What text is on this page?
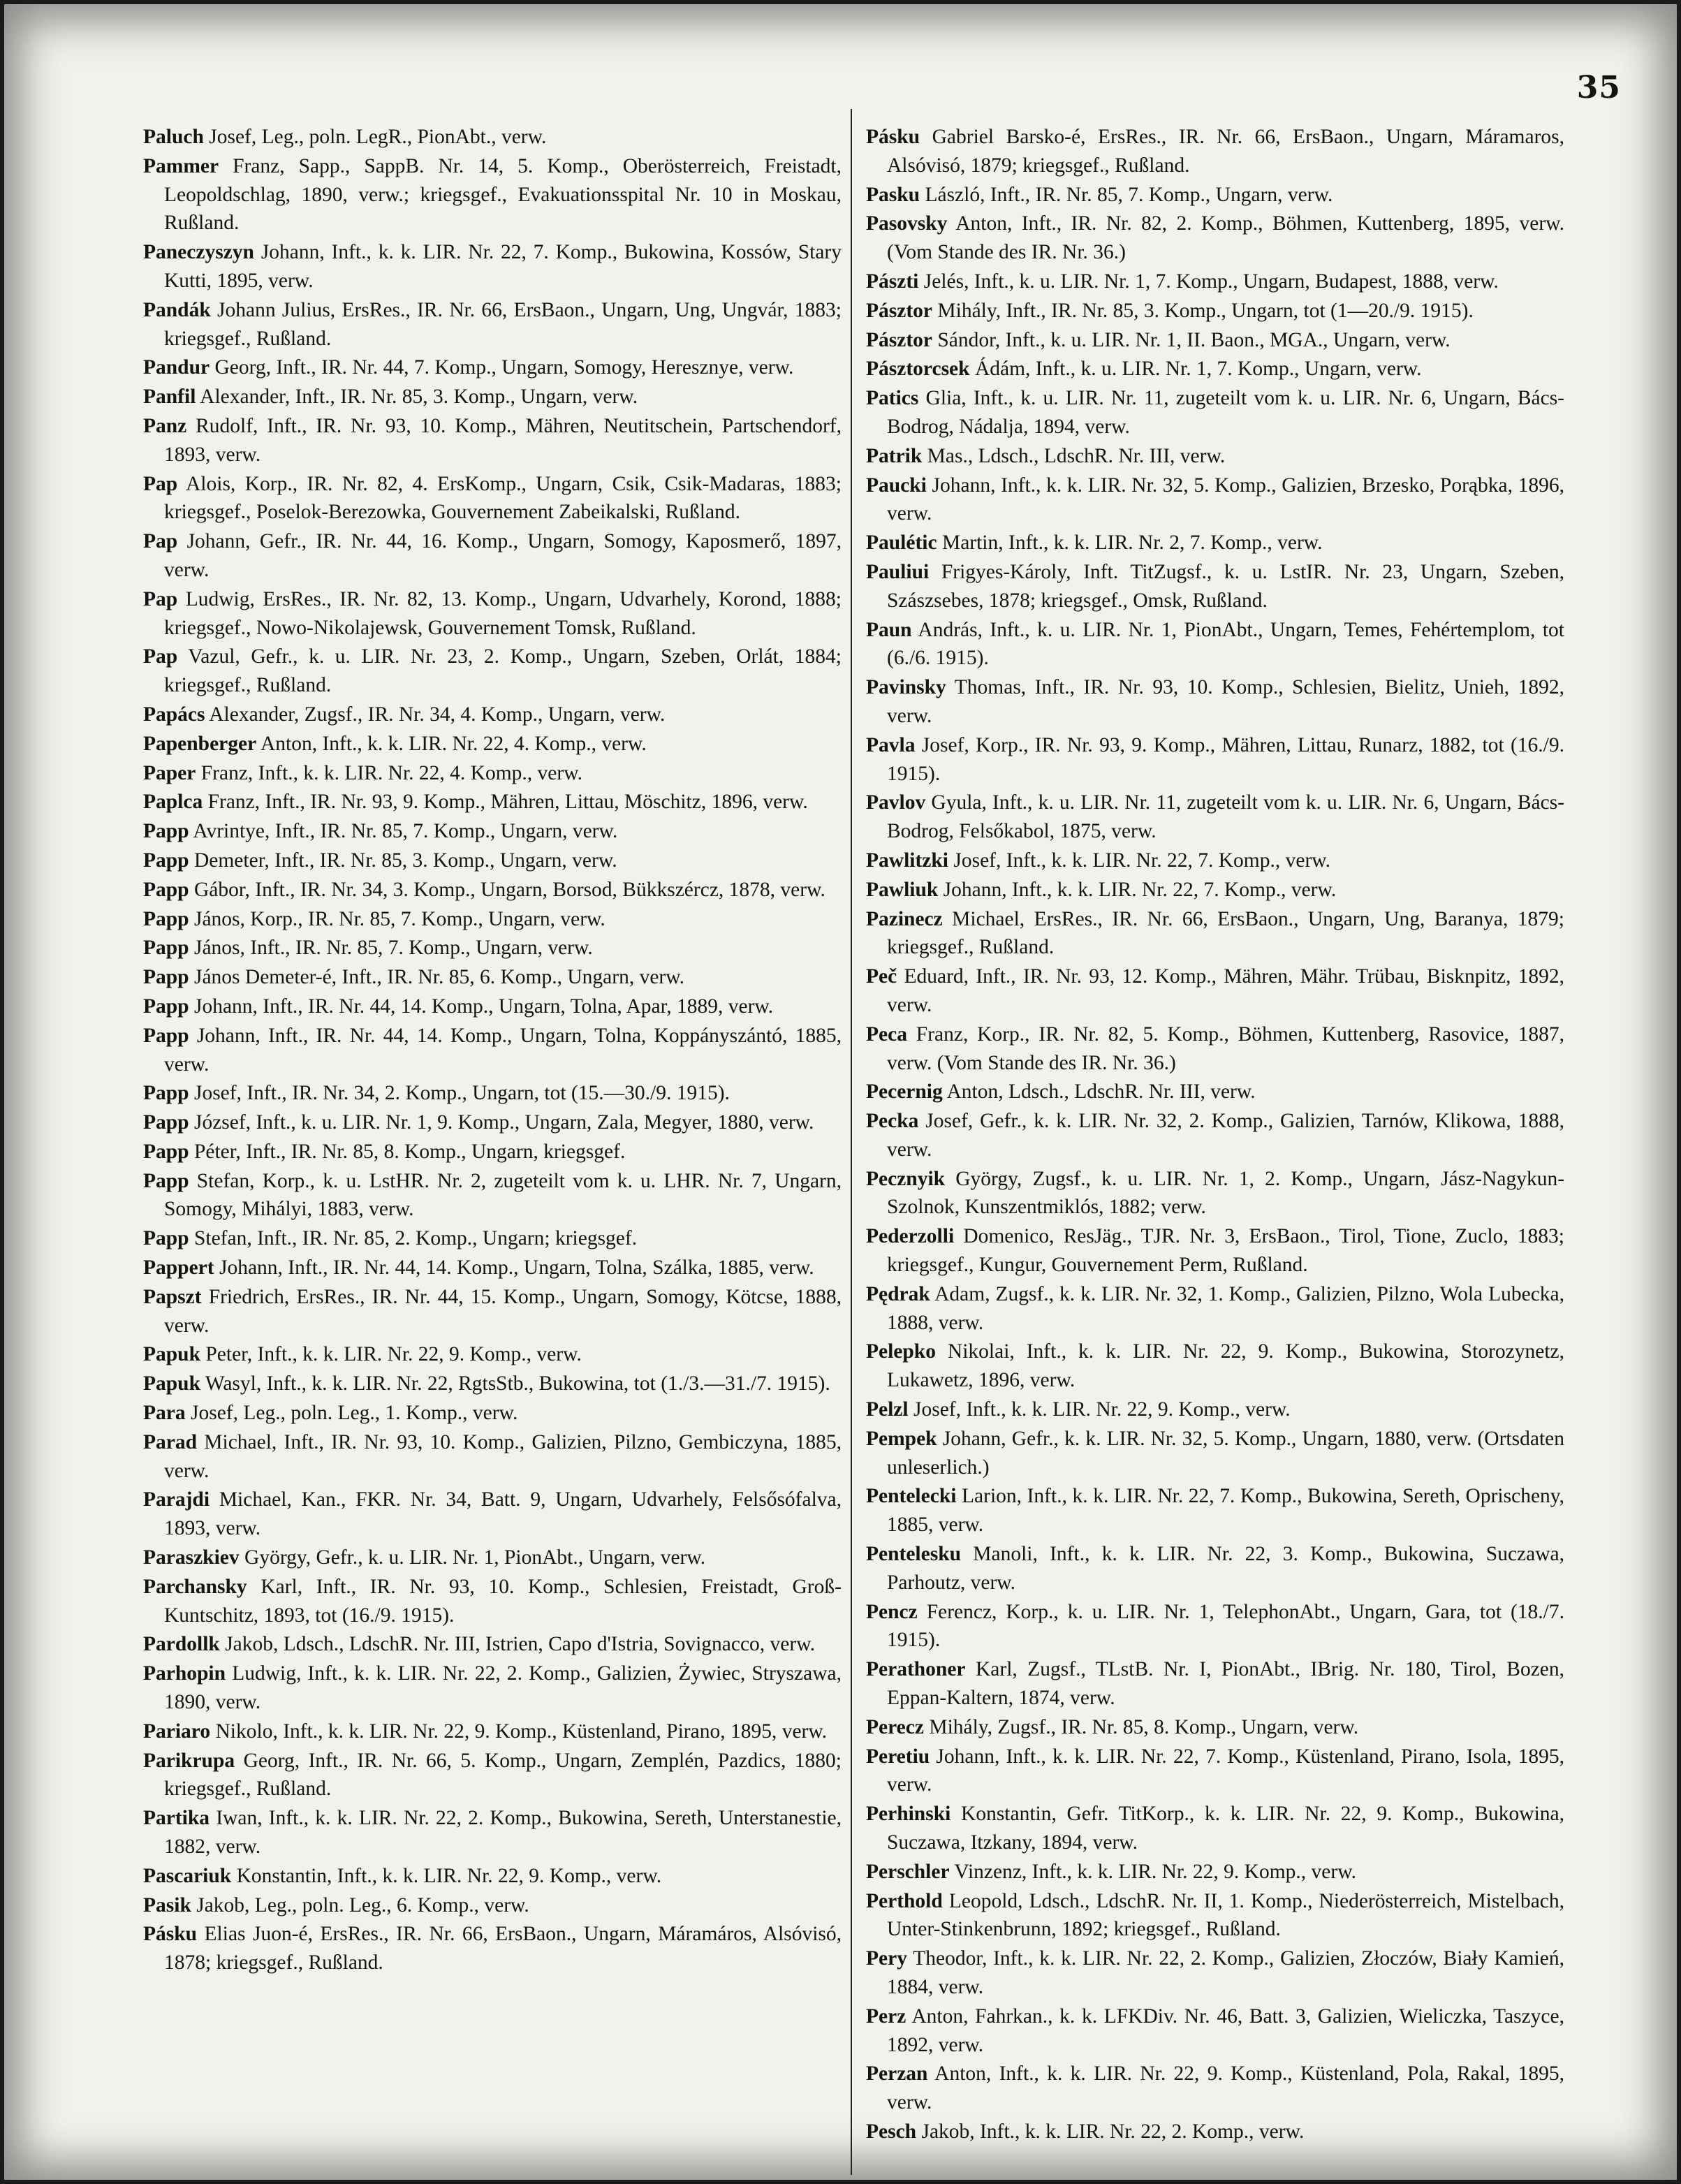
35
Paluch Josef, Leg., poln. LegR., PionAbt., verw.
Pammer Franz, Sapp., SappB. Nr. 14, 5. Komp., Oberösterreich, Freistadt, Leopoldschlag, 1890, verw.; kriegsgef., Evakuationsspital Nr. 10 in Moskau, Rußland.
Paneczyszyn Johann, Inft., k. k. LIR. Nr. 22, 7. Komp., Bukowina, Kossów, Stary Kutti, 1895, verw.
Pandák Johann Julius, ErsRes., IR. Nr. 66, ErsBaon., Ungarn, Ung, Ungvár, 1883; kriegsgef., Rußland.
Pandur Georg, Inft., IR. Nr. 44, 7. Komp., Ungarn, Somogy, Heresznye, verw.
Panfil Alexander, Inft., IR. Nr. 85, 3. Komp., Ungarn, verw.
Panz Rudolf, Inft., IR. Nr. 93, 10. Komp., Mähren, Neutitschein, Partschendorf, 1893, verw.
Pap Alois, Korp., IR. Nr. 82, 4. ErsKomp., Ungarn, Csik, Csik-Madaras, 1883; kriegsgef., Poselok-Berezowka, Gouvernement Zabeikalski, Rußland.
Pap Johann, Gefr., IR. Nr. 44, 16. Komp., Ungarn, Somogy, Kaposmerő, 1897, verw.
Pap Ludwig, ErsRes., IR. Nr. 82, 13. Komp., Ungarn, Udvarhely, Korond, 1888; kriegsgef., Nowo-Nikolajewsk, Gouvernement Tomsk, Rußland.
Pap Vazul, Gefr., k. u. LIR. Nr. 23, 2. Komp., Ungarn, Szeben, Orlát, 1884; kriegsgef., Rußland.
Papács Alexander, Zugsf., IR. Nr. 34, 4. Komp., Ungarn, verw.
Papenberger Anton, Inft., k. k. LIR. Nr. 22, 4. Komp., verw.
Paper Franz, Inft., k. k. LIR. Nr. 22, 4. Komp., verw.
Paplca Franz, Inft., IR. Nr. 93, 9. Komp., Mähren, Littau, Möschitz, 1896, verw.
Papp Avrintye, Inft., IR. Nr. 85, 7. Komp., Ungarn, verw.
Papp Demeter, Inft., IR. Nr. 85, 3. Komp., Ungarn, verw.
Papp Gábor, Inft., IR. Nr. 34, 3. Komp., Ungarn, Borsod, Bükkszércz, 1878, verw.
Papp János, Korp., IR. Nr. 85, 7. Komp., Ungarn, verw.
Papp János, Inft., IR. Nr. 85, 7. Komp., Ungarn, verw.
Papp János Demeter-é, Inft., IR. Nr. 85, 6. Komp., Ungarn, verw.
Papp Johann, Inft., IR. Nr. 44, 14. Komp., Ungarn, Tolna, Apar, 1889, verw.
Papp Johann, Inft., IR. Nr. 44, 14. Komp., Ungarn, Tolna, Koppányszántó, 1885, verw.
Papp Josef, Inft., IR. Nr. 34, 2. Komp., Ungarn, tot (15.—30./9. 1915).
Papp József, Inft., k. u. LIR. Nr. 1, 9. Komp., Ungarn, Zala, Megyer, 1880, verw.
Papp Péter, Inft., IR. Nr. 85, 8. Komp., Ungarn, kriegsgef.
Papp Stefan, Korp., k. u. LstHR. Nr. 2, zugeteilt vom k. u. LHR. Nr. 7, Ungarn, Somogy, Mihályi, 1883, verw.
Papp Stefan, Inft., IR. Nr. 85, 2. Komp., Ungarn; kriegsgef.
Pappert Johann, Inft., IR. Nr. 44, 14. Komp., Ungarn, Tolna, Szálka, 1885, verw.
Papszt Friedrich, ErsRes., IR. Nr. 44, 15. Komp., Ungarn, Somogy, Kötcse, 1888, verw.
Papuk Peter, Inft., k. k. LIR. Nr. 22, 9. Komp., verw.
Papuk Wasyl, Inft., k. k. LIR. Nr. 22, RgtsStb., Bukowina, tot (1./3.—31./7. 1915).
Para Josef, Leg., poln. Leg., 1. Komp., verw.
Parad Michael, Inft., IR. Nr. 93, 10. Komp., Galizien, Pilzno, Gembiczyna, 1885, verw.
Parajdi Michael, Kan., FKR. Nr. 34, Batt. 9, Ungarn, Udvarhely, Felsősófalva, 1893, verw.
Paraszkiev György, Gefr., k. u. LIR. Nr. 1, PionAbt., Ungarn, verw.
Parchansky Karl, Inft., IR. Nr. 93, 10. Komp., Schlesien, Freistadt, Groß-Kuntschitz, 1893, tot (16./9. 1915).
Pardollk Jakob, Ldsch., LdschR. Nr. III, Istrien, Capo d'Istria, Sovignacco, verw.
Parhopin Ludwig, Inft., k. k. LIR. Nr. 22, 2. Komp., Galizien, Żywiec, Stryszawa, 1890, verw.
Pariaro Nikolo, Inft., k. k. LIR. Nr. 22, 9. Komp., Küstenland, Pirano, 1895, verw.
Parikrupa Georg, Inft., IR. Nr. 66, 5. Komp., Ungarn, Zemplén, Pazdics, 1880; kriegsgef., Rußland.
Partika Iwan, Inft., k. k. LIR. Nr. 22, 2. Komp., Bukowina, Sereth, Unterstanestie, 1882, verw.
Pascariuk Konstantin, Inft., k. k. LIR. Nr. 22, 9. Komp., verw.
Pasik Jakob, Leg., poln. Leg., 6. Komp., verw.
Pásku Elias Juon-é, ErsRes., IR. Nr. 66, ErsBaon., Ungarn, Máramáros, Alsóvisó, 1878; kriegsgef., Rußland.
Pásku Gabriel Barsko-é, ErsRes., IR. Nr. 66, ErsBaon., Ungarn, Máramaros, Alsóvisó, 1879; kriegsgef., Rußland.
Pasku László, Inft., IR. Nr. 85, 7. Komp., Ungarn, verw.
Pasovsky Anton, Inft., IR. Nr. 82, 2. Komp., Böhmen, Kuttenberg, 1895, verw. (Vom Stande des IR. Nr. 36.)
Pászti Jelés, Inft., k. u. LIR. Nr. 1, 7. Komp., Ungarn, Budapest, 1888, verw.
Pásztor Mihály, Inft., IR. Nr. 85, 3. Komp., Ungarn, tot (1—20./9. 1915).
Pásztor Sándor, Inft., k. u. LIR. Nr. 1, II. Baon., MGA., Ungarn, verw.
Pásztorcsek Ádám, Inft., k. u. LIR. Nr. 1, 7. Komp., Ungarn, verw.
Patics Glia, Inft., k. u. LIR. Nr. 11, zugeteilt vom k. u. LIR. Nr. 6, Ungarn, Bács-Bodrog, Nádalja, 1894, verw.
Patrik Mas., Ldsch., LdschR. Nr. III, verw.
Paucki Johann, Inft., k. k. LIR. Nr. 32, 5. Komp., Galizien, Brzesko, Porąbka, 1896, verw.
Paulétic Martin, Inft., k. k. LIR. Nr. 2, 7. Komp., verw.
Pauliui Frigyes-Károly, Inft. TitZugsf., k. u. LstIR. Nr. 23, Ungarn, Szeben, Szászsebes, 1878; kriegsgef., Omsk, Rußland.
Paun András, Inft., k. u. LIR. Nr. 1, PionAbt., Ungarn, Temes, Fehértemplom, tot (6./6. 1915).
Pavinsky Thomas, Inft., IR. Nr. 93, 10. Komp., Schlesien, Bielitz, Unieh, 1892, verw.
Pavla Josef, Korp., IR. Nr. 93, 9. Komp., Mähren, Littau, Runarz, 1882, tot (16./9. 1915).
Pavlov Gyula, Inft., k. u. LIR. Nr. 11, zugeteilt vom k. u. LIR. Nr. 6, Ungarn, Bács-Bodrog, Felsőkabol, 1875, verw.
Pawlitzki Josef, Inft., k. k. LIR. Nr. 22, 7. Komp., verw.
Pawliuk Johann, Inft., k. k. LIR. Nr. 22, 7. Komp., verw.
Pazinecz Michael, ErsRes., IR. Nr. 66, ErsBaon., Ungarn, Ung, Baranya, 1879; kriegsgef., Rußland.
Peč Eduard, Inft., IR. Nr. 93, 12. Komp., Mähren, Mähr. Trübau, Bisknpitz, 1892, verw.
Peca Franz, Korp., IR. Nr. 82, 5. Komp., Böhmen, Kuttenberg, Rasovice, 1887, verw. (Vom Stande des IR. Nr. 36.)
Pecernig Anton, Ldsch., LdschR. Nr. III, verw.
Pecka Josef, Gefr., k. k. LIR. Nr. 32, 2. Komp., Galizien, Tarnów, Klikowa, 1888, verw.
Pecznyik György, Zugsf., k. u. LIR. Nr. 1, 2. Komp., Ungarn, Jász-Nagykun-Szolnok, Kunszentmiklós, 1882; verw.
Pederzolli Domenico, ResJäg., TJR. Nr. 3, ErsBaon., Tirol, Tione, Zuclo, 1883; kriegsgef., Kungur, Gouvernement Perm, Rußland.
Pędrak Adam, Zugsf., k. k. LIR. Nr. 32, 1. Komp., Galizien, Pilzno, Wola Lubecka, 1888, verw.
Pelepko Nikolai, Inft., k. k. LIR. Nr. 22, 9. Komp., Bukowina, Storozynetz, Lukawetz, 1896, verw.
Pelzl Josef, Inft., k. k. LIR. Nr. 22, 9. Komp., verw.
Pempek Johann, Gefr., k. k. LIR. Nr. 32, 5. Komp., Ungarn, 1880, verw. (Ortsdaten unleserlich.)
Pentelecki Larion, Inft., k. k. LIR. Nr. 22, 7. Komp., Bukowina, Sereth, Oprischeny, 1885, verw.
Pentelesku Manoli, Inft., k. k. LIR. Nr. 22, 3. Komp., Bukowina, Suczawa, Parhoutz, verw.
Pencz Ferencz, Korp., k. u. LIR. Nr. 1, TelephonAbt., Ungarn, Gara, tot (18./7. 1915).
Perathoner Karl, Zugsf., TLstB. Nr. I, PionAbt., IBrig. Nr. 180, Tirol, Bozen, Eppan-Kaltern, 1874, verw.
Perecz Mihály, Zugsf., IR. Nr. 85, 8. Komp., Ungarn, verw.
Peretiu Johann, Inft., k. k. LIR. Nr. 22, 7. Komp., Küstenland, Pirano, Isola, 1895, verw.
Perhinski Konstantin, Gefr. TitKorp., k. k. LIR. Nr. 22, 9. Komp., Bukowina, Suczawa, Itzkany, 1894, verw.
Perschler Vinzenz, Inft., k. k. LIR. Nr. 22, 9. Komp., verw.
Perthold Leopold, Ldsch., LdschR. Nr. II, 1. Komp., Niederösterreich, Mistelbach, Unter-Stinkenbrunn, 1892; kriegsgef., Rußland.
Pery Theodor, Inft., k. k. LIR. Nr. 22, 2. Komp., Galizien, Złoczów, Biały Kamień, 1884, verw.
Perz Anton, Fahrkan., k. k. LFKDiv. Nr. 46, Batt. 3, Galizien, Wieliczka, Taszyce, 1892, verw.
Perzan Anton, Inft., k. k. LIR. Nr. 22, 9. Komp., Küstenland, Pola, Rakal, 1895, verw.
Pesch Jakob, Inft., k. k. LIR. Nr. 22, 2. Komp., verw.
